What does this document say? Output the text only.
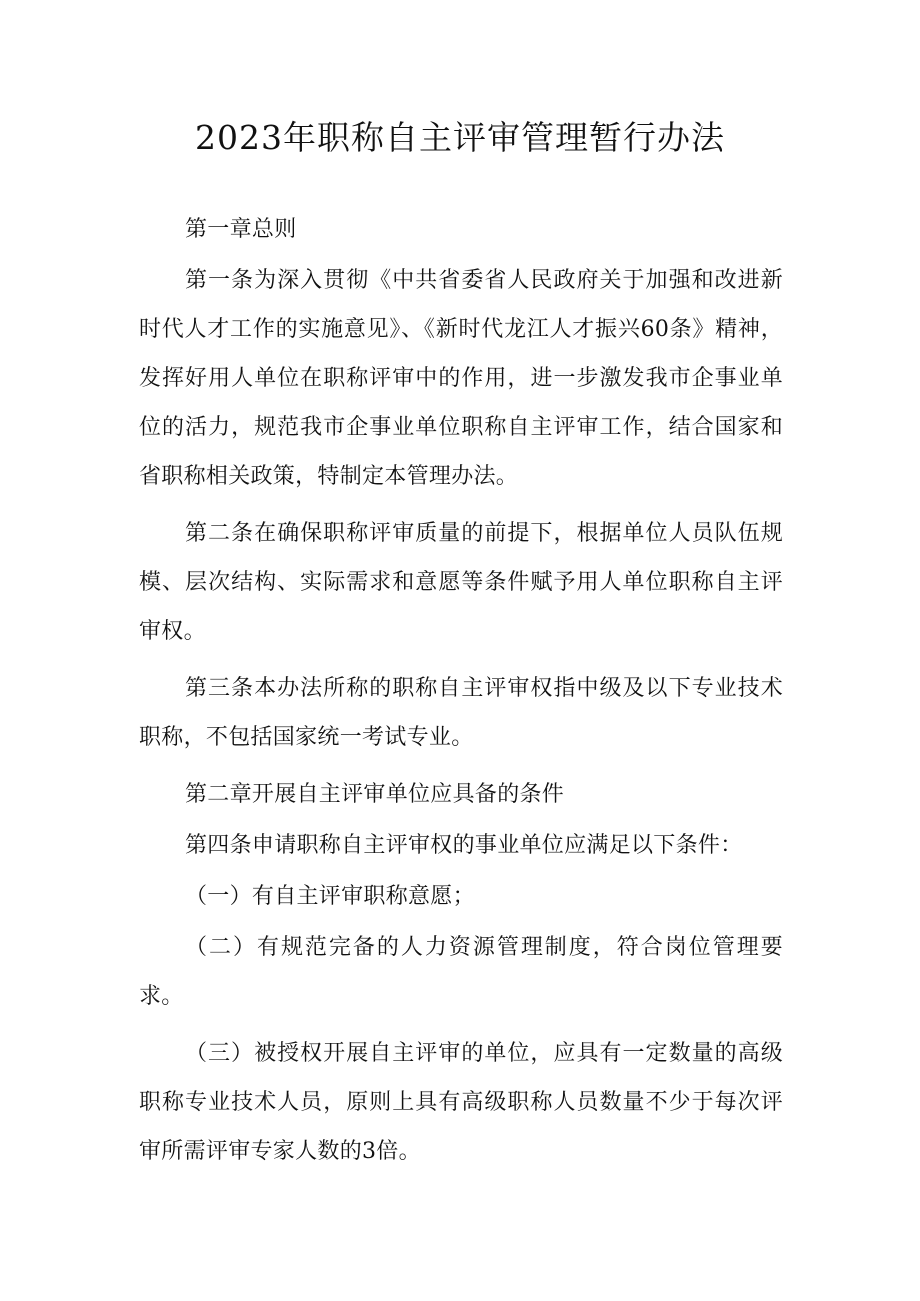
2023年职称自主评审管理暂行办法

第一章总则

第一条为深入贯彻《中共省委省人民政府关于加强和改进新时代人才工作的实施意见》、《新时代龙江人才振兴60条》精神，发挥好用人单位在职称评审中的作用，进一步激发我市企事业单位的活力，规范我市企事业单位职称自主评审工作，结合国家和省职称相关政策，特制定本管理办法。

第二条在确保职称评审质量的前提下，根据单位人员队伍规模、层次结构、实际需求和意愿等条件赋予用人单位职称自主评审权。

第三条本办法所称的职称自主评审权指中级及以下专业技术职称，不包括国家统一考试专业。

第二章开展自主评审单位应具备的条件

第四条申请职称自主评审权的事业单位应满足以下条件：

（一）有自主评审职称意愿；

（二）有规范完备的人力资源管理制度，符合岗位管理要求。

（三）被授权开展自主评审的单位，应具有一定数量的高级职称专业技术人员，原则上具有高级职称人员数量不少于每次评审所需评审专家人数的3倍。
